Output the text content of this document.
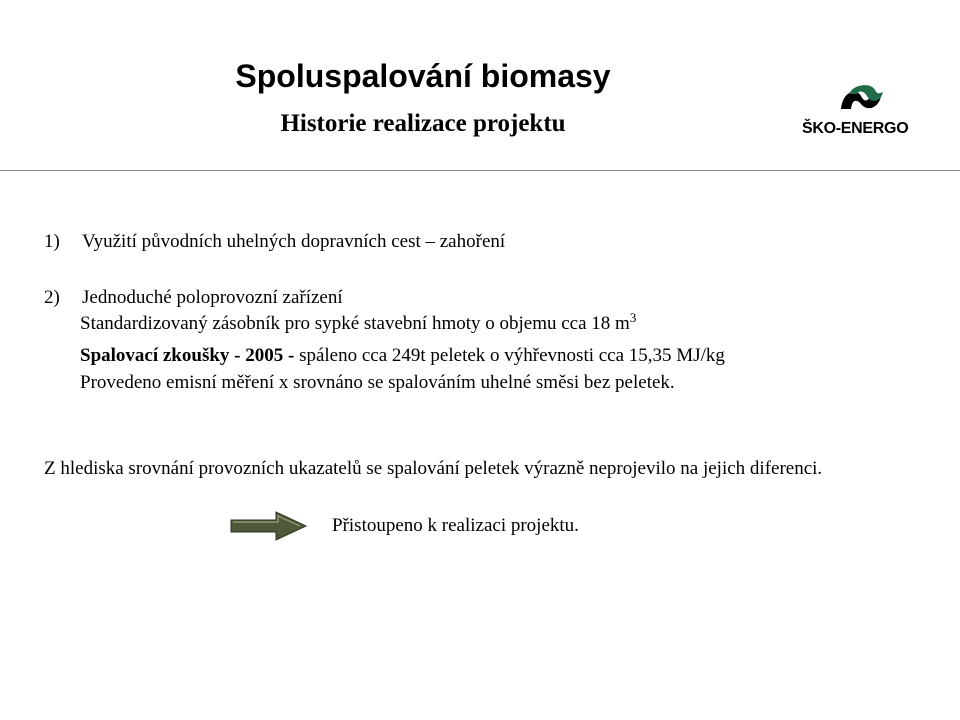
Spoluspalování biomasy
Historie realizace projektu	ŠKO-ENERGO
1) Využití původních uhelných dopravních cest – zahoření
2) Jednoduché poloprovozní zařízení
Standardizovaný zásobník pro sypké stavební hmoty o objemu cca 18 $m^3$
Spalovací zkoušky - 2005 - spáleno cca 249t peletek o výhřevnosti cca 15,35 MJ/kg
Provedeno emisní měření x srovnáno se spalováním uhelné směsi bez peletek.

Z hlediska srovnání provozních ukazatelů se spalování peletek výrazně neprojevilo na jejich diferenci.

Přistoupeno k realizaci projektu.
